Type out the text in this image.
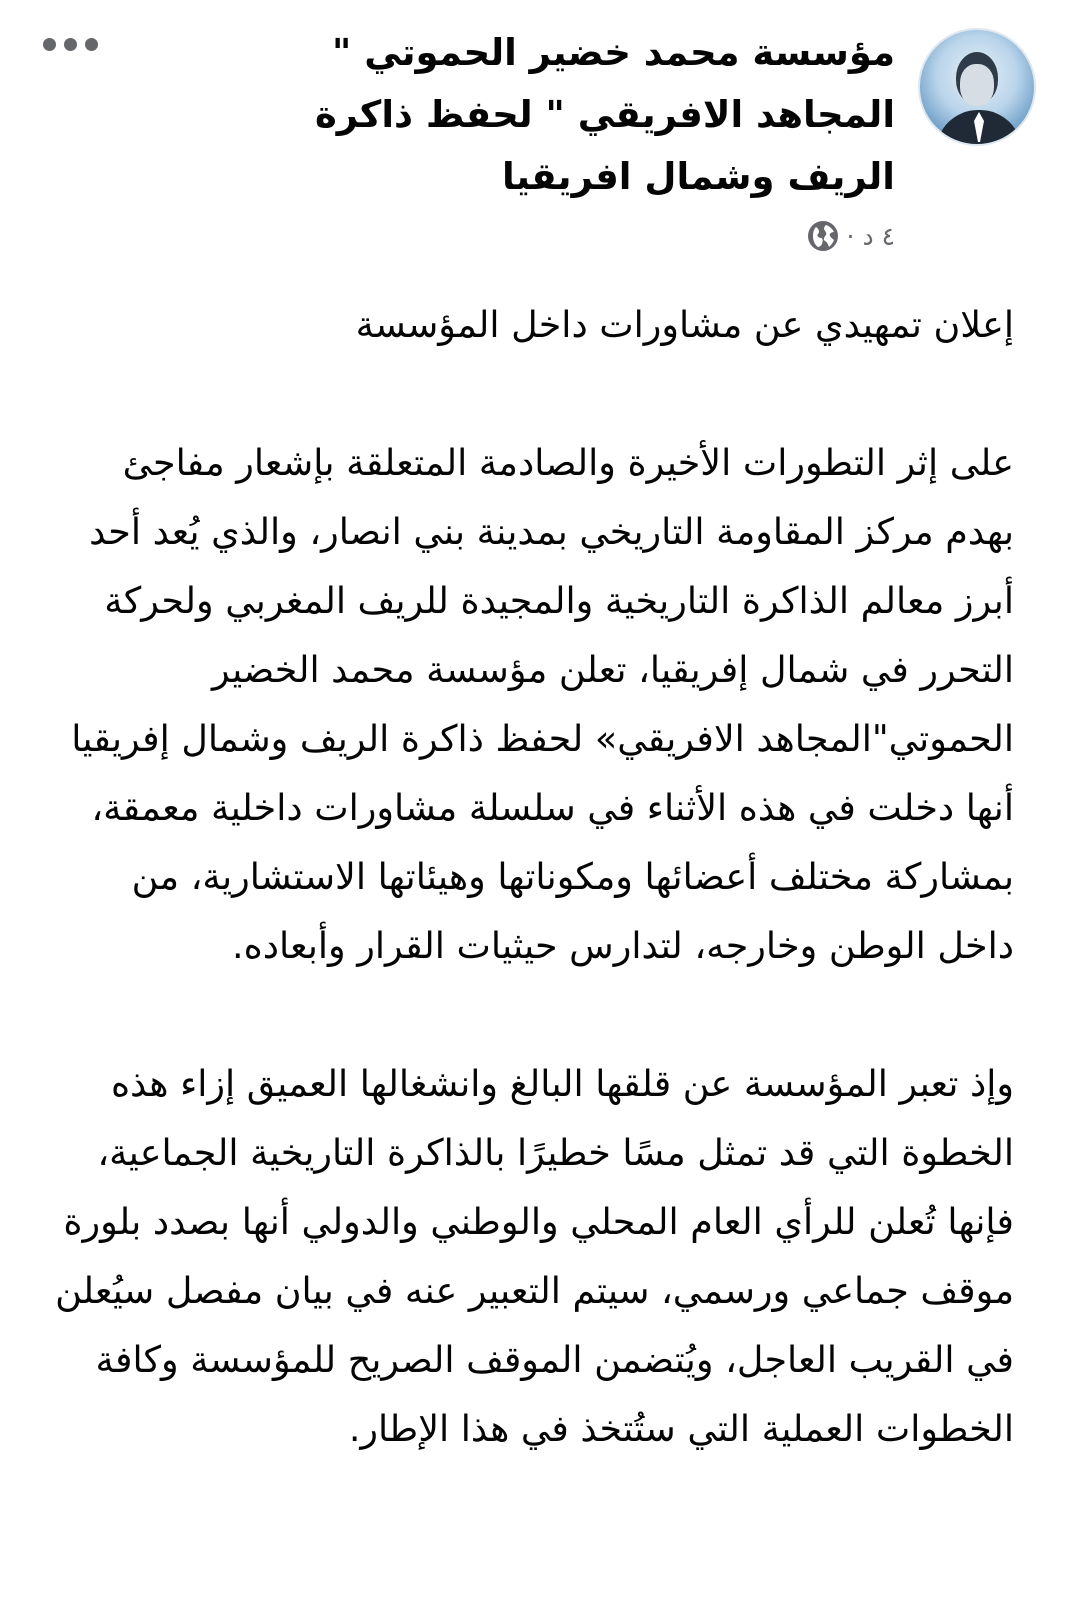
مؤسسة محمد خضير الحموتي " المجاهد الافريقي " لحفظ ذاكرة الريف وشمال افريقيا
٤ د
·

إعلان تمهيدي عن مشاورات داخل المؤسسة

على إثر التطورات الأخيرة والصادمة المتعلقة بإشعار مفاجئ بهدم مركز المقاومة التاريخي بمدينة بني انصار، والذي يُعد أحد أبرز معالم الذاكرة التاريخية والمجيدة للريف المغربي ولحركة التحرر في شمال إفريقيا، تعلن مؤسسة محمد الخضير الحموتي"المجاهد الافريقي» لحفظ ذاكرة الريف وشمال إفريقيا أنها دخلت في هذه الأثناء في سلسلة مشاورات داخلية معمقة، بمشاركة مختلف أعضائها ومكوناتها وهيئاتها الاستشارية، من داخل الوطن وخارجه، لتدارس حيثيات القرار وأبعاده.

وإذ تعبر المؤسسة عن قلقها البالغ وانشغالها العميق إزاء هذه الخطوة التي قد تمثل مسًا خطيرًا بالذاكرة التاريخية الجماعية، فإنها تُعلن للرأي العام المحلي والوطني والدولي أنها بصدد بلورة موقف جماعي ورسمي، سيتم التعبير عنه في بيان مفصل سيُعلن في القريب العاجل، ويُتضمن الموقف الصريح للمؤسسة وكافة الخطوات العملية التي ستُتخذ في هذا الإطار.
